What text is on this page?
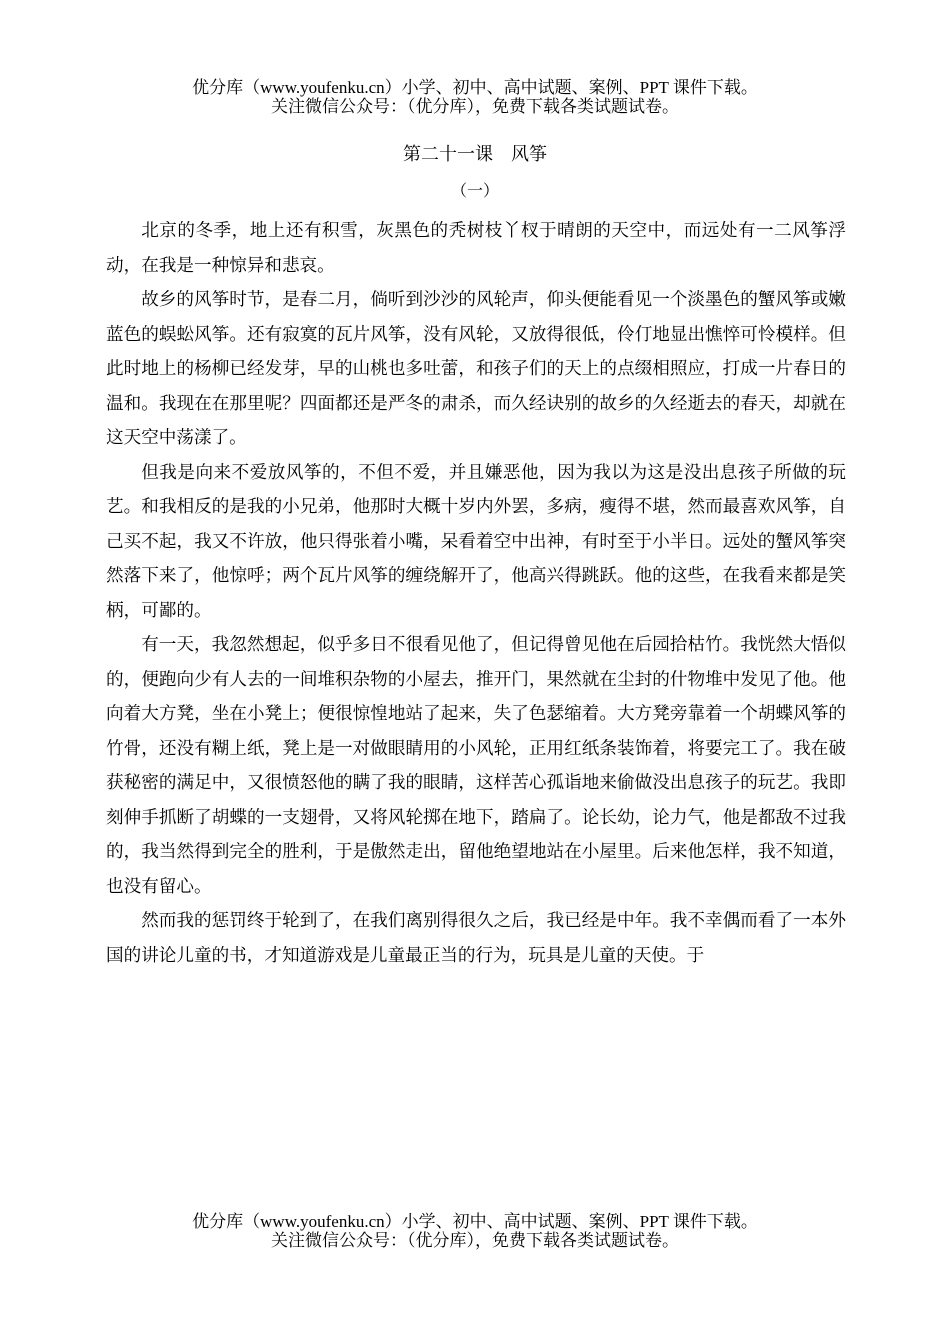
优分库（www.youfenku.cn）小学、初中、高中试题、案例、PPT 课件下载。
关注微信公众号：（优分库），免费下载各类试题试卷。
第二十一课　风筝
（一）

北京的冬季，地上还有积雪，灰黑色的秃树枝丫杈于晴朗的天空中，而远处有一二风筝浮动，在我是一种惊异和悲哀。

故乡的风筝时节，是春二月，倘听到沙沙的风轮声，仰头便能看见一个淡墨色的蟹风筝或嫩蓝色的蜈蚣风筝。还有寂寞的瓦片风筝，没有风轮，又放得很低，伶仃地显出憔悴可怜模样。但此时地上的杨柳已经发芽，早的山桃也多吐蕾，和孩子们的天上的点缀相照应，打成一片春日的温和。我现在在那里呢？四面都还是严冬的肃杀，而久经诀别的故乡的久经逝去的春天，却就在这天空中荡漾了。

但我是向来不爱放风筝的，不但不爱，并且嫌恶他，因为我以为这是没出息孩子所做的玩艺。和我相反的是我的小兄弟，他那时大概十岁内外罢，多病，瘦得不堪，然而最喜欢风筝，自己买不起，我又不许放，他只得张着小嘴，呆看着空中出神，有时至于小半日。远处的蟹风筝突然落下来了，他惊呼；两个瓦片风筝的缠绕解开了，他高兴得跳跃。他的这些，在我看来都是笑柄，可鄙的。

有一天，我忽然想起，似乎多日不很看见他了，但记得曾见他在后园拾枯竹。我恍然大悟似的，便跑向少有人去的一间堆积杂物的小屋去，推开门，果然就在尘封的什物堆中发见了他。他向着大方凳，坐在小凳上；便很惊惶地站了起来，失了色瑟缩着。大方凳旁靠着一个胡蝶风筝的竹骨，还没有糊上纸，凳上是一对做眼睛用的小风轮，正用红纸条装饰着，将要完工了。我在破获秘密的满足中，又很愤怒他的瞒了我的眼睛，这样苦心孤诣地来偷做没出息孩子的玩艺。我即刻伸手抓断了胡蝶的一支翅骨，又将风轮掷在地下，踏扁了。论长幼，论力气，他是都敌不过我的，我当然得到完全的胜利，于是傲然走出，留他绝望地站在小屋里。后来他怎样，我不知道，也没有留心。

然而我的惩罚终于轮到了，在我们离别得很久之后，我已经是中年。我不幸偶而看了一本外国的讲论儿童的书，才知道游戏是儿童最正当的行为，玩具是儿童的天使。于

优分库（www.youfenku.cn）小学、初中、高中试题、案例、PPT 课件下载。
关注微信公众号：（优分库），免费下载各类试题试卷。
